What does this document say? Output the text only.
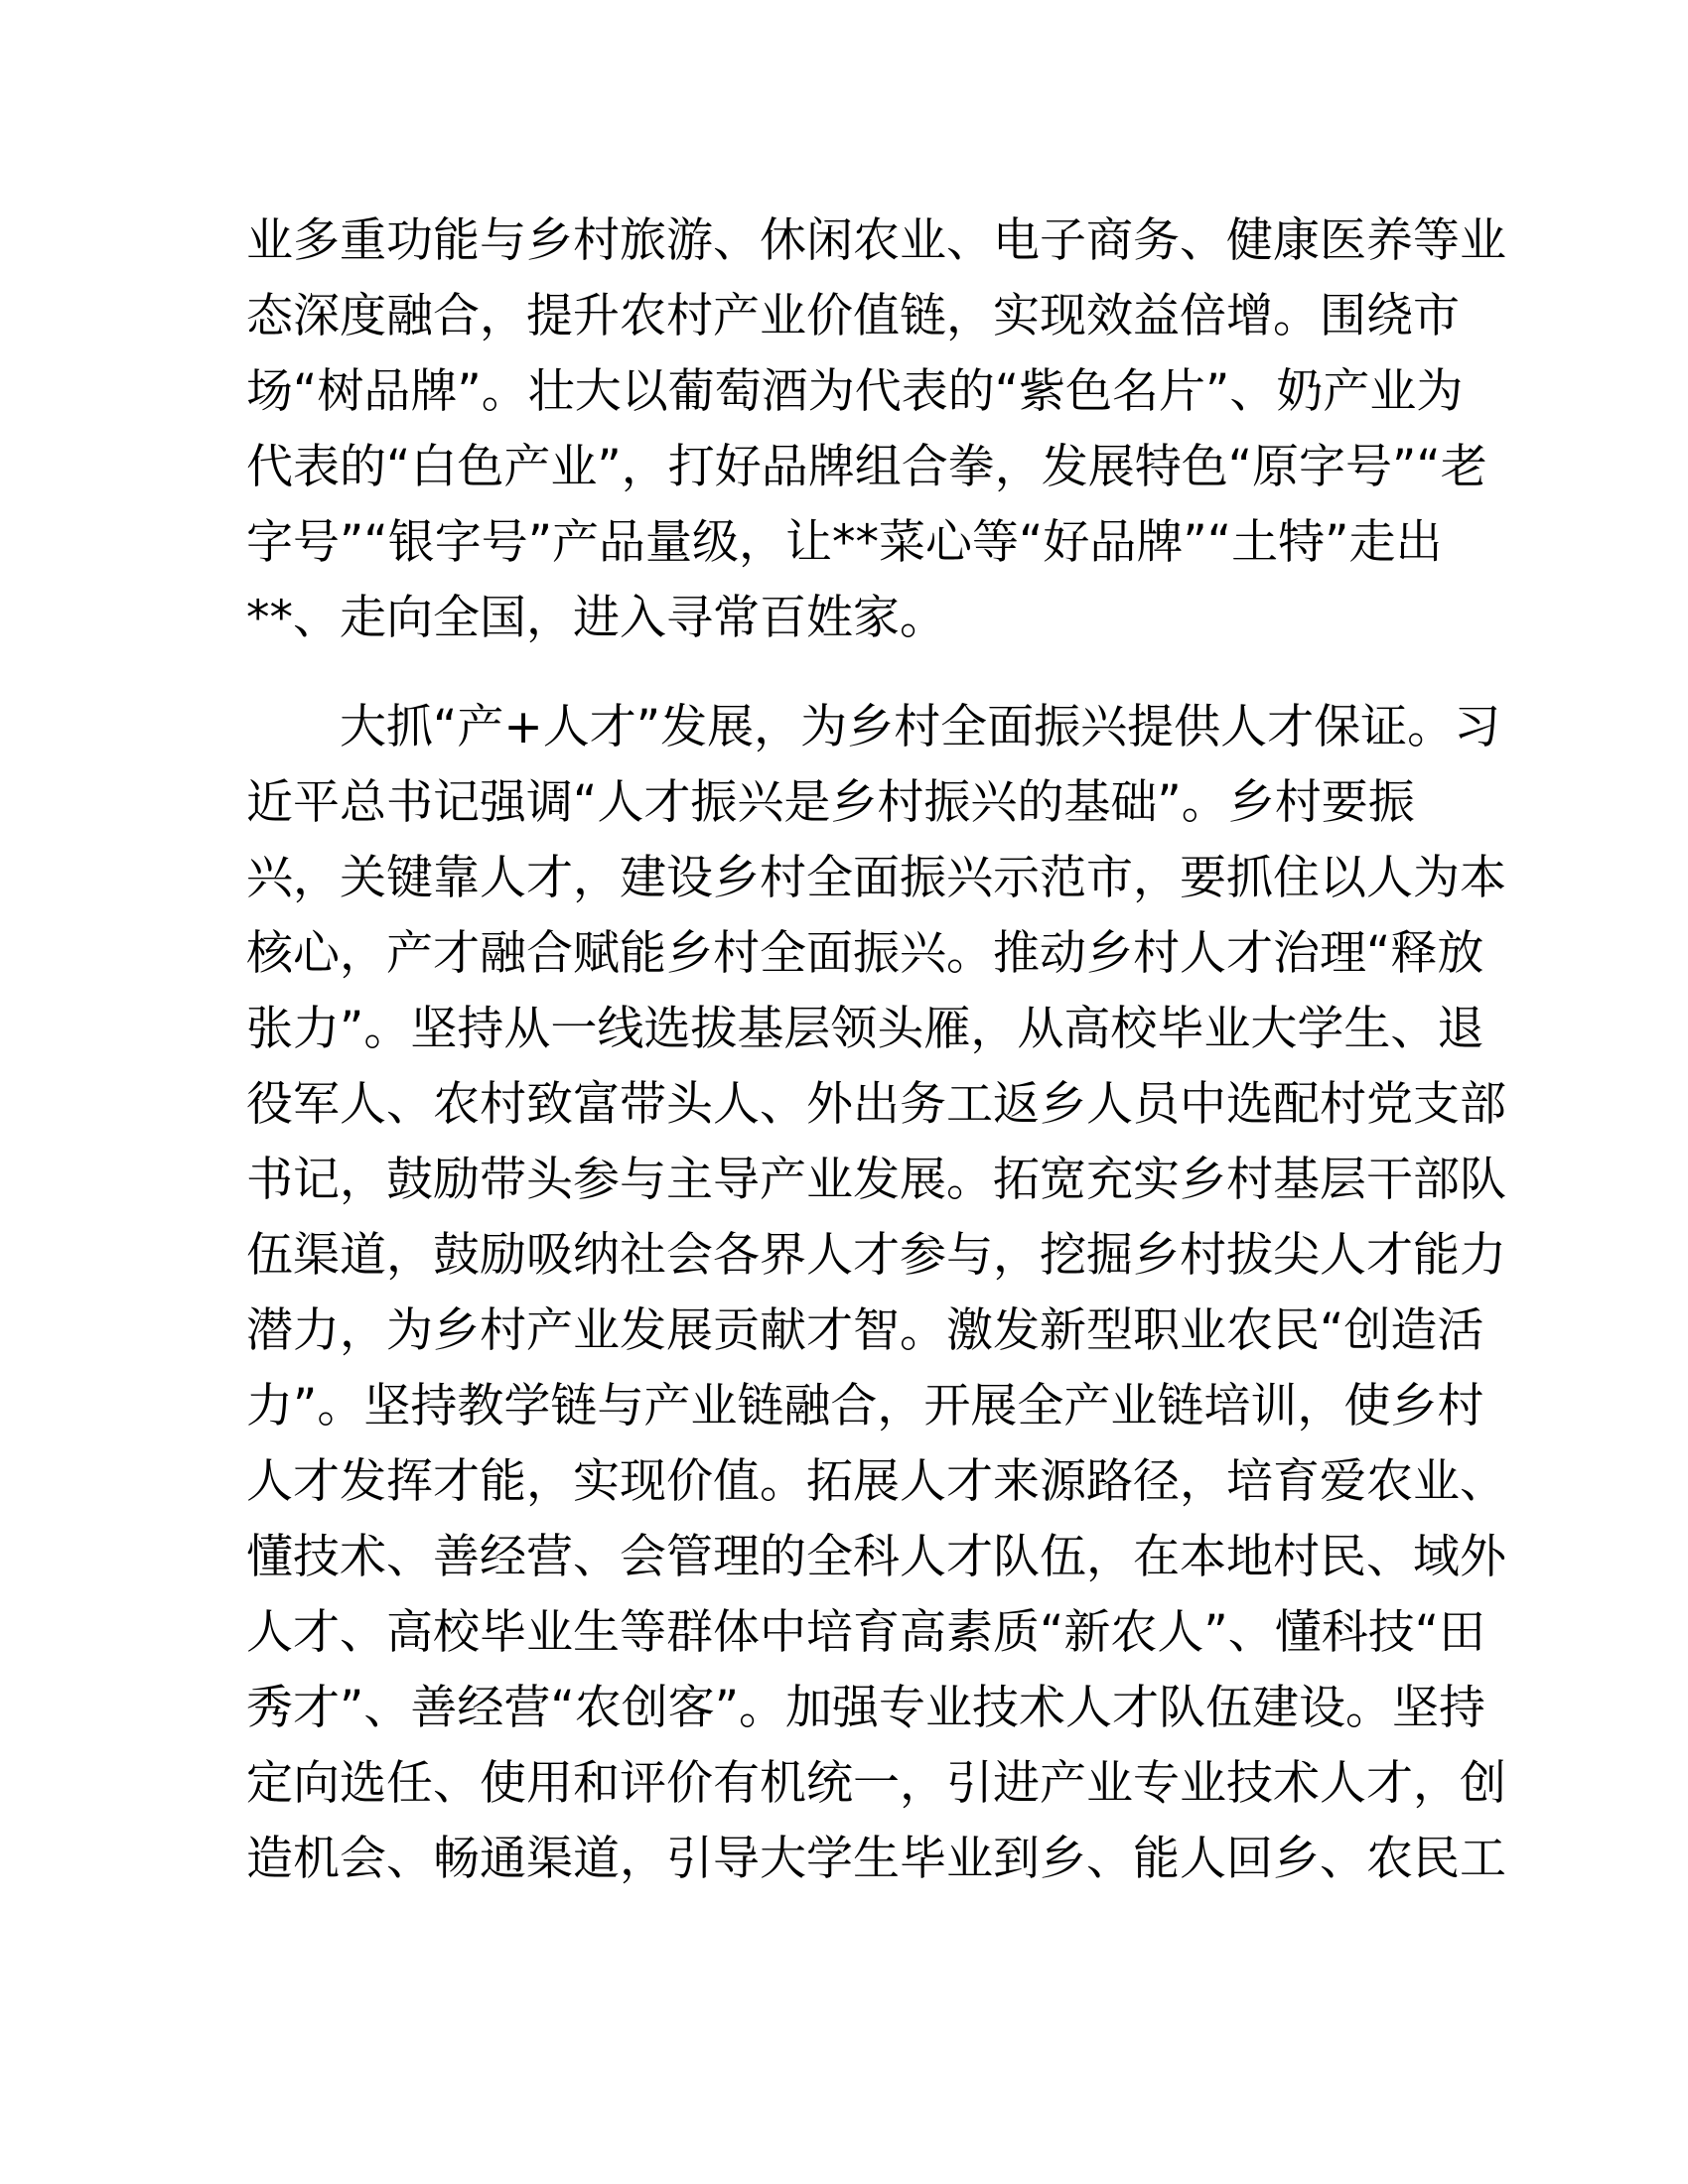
业多重功能与乡村旅游、休闲农业、电子商务、健康医养等业
态深度融合，提升农村产业价值链，实现效益倍增。围绕市
场“树品牌”。壮大以葡萄酒为代表的“紫色名片”、奶产业为
代表的“白色产业”，打好品牌组合拳，发展特色“原字号”“老
字号”“银字号”产品量级，让**菜心等“好品牌”“土特”走出
**、走向全国，进入寻常百姓家。
　　大抓“产+人才”发展，为乡村全面振兴提供人才保证。习
近平总书记强调“人才振兴是乡村振兴的基础”。乡村要振
兴，关键靠人才，建设乡村全面振兴示范市，要抓住以人为本
核心，产才融合赋能乡村全面振兴。推动乡村人才治理“释放
张力”。坚持从一线选拔基层领头雁，从高校毕业大学生、退
役军人、农村致富带头人、外出务工返乡人员中选配村党支部
书记，鼓励带头参与主导产业发展。拓宽充实乡村基层干部队
伍渠道，鼓励吸纳社会各界人才参与，挖掘乡村拔尖人才能力
潜力，为乡村产业发展贡献才智。激发新型职业农民“创造活
力”。坚持教学链与产业链融合，开展全产业链培训，使乡村
人才发挥才能，实现价值。拓展人才来源路径，培育爱农业、
懂技术、善经营、会管理的全科人才队伍，在本地村民、域外
人才、高校毕业生等群体中培育高素质“新农人”、懂科技“田
秀才”、善经营“农创客”。加强专业技术人才队伍建设。坚持
定向选任、使用和评价有机统一，引进产业专业技术人才，创
造机会、畅通渠道，引导大学生毕业到乡、能人回乡、农民工
